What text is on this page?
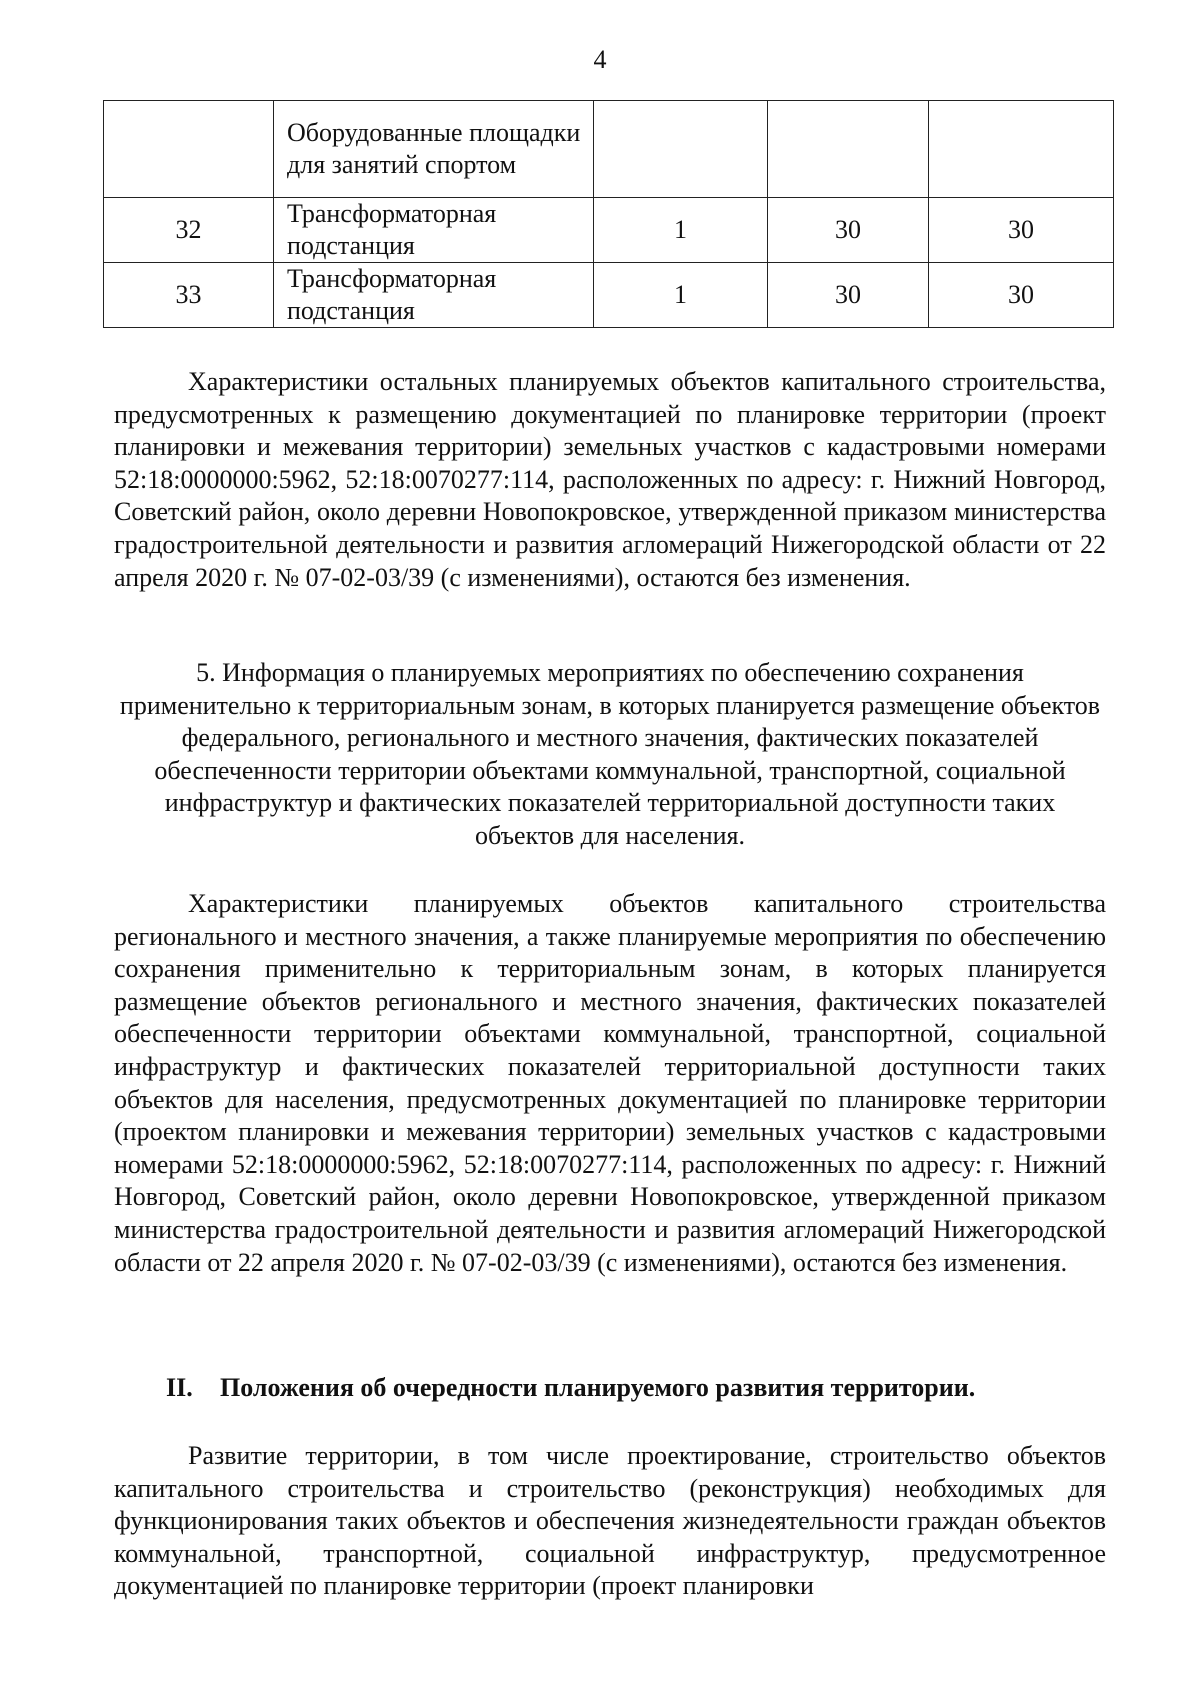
4
	Оборудованные площадки для занятий спортом			
32	Трансформаторная подстанция	1	30	30
33	Трансформаторная подстанция	1	30	30

Характеристики остальных планируемых объектов капитального строительства, предусмотренных к размещению документацией по планировке территории (проект планировки и межевания территории) земельных участков с кадастровыми номерами 52:18:0000000:5962, 52:18:0070277:114, расположенных по адресу: г. Нижний Новгород, Советский район, около деревни Новопокровское, утвержденной приказом министерства градостроительной деятельности и развития агломераций Нижегородской области от 22 апреля 2020 г. № 07-02-03/39 (с изменениями), остаются без изменения.

5. Информация о планируемых мероприятиях по обеспечению сохранения применительно к территориальным зонам, в которых планируется размещение объектов федерального, регионального и местного значения, фактических показателей обеспеченности территории объектами коммунальной, транспортной, социальной инфраструктур и фактических показателей территориальной доступности таких объектов для населения.

Характеристики планируемых объектов капитального строительства регионального и местного значения, а также планируемые мероприятия по обеспечению сохранения применительно к территориальным зонам, в которых планируется размещение объектов регионального и местного значения, фактических показателей обеспеченности территории объектами коммунальной, транспортной, социальной инфраструктур и фактических показателей территориальной доступности таких объектов для населения, предусмотренных документацией по планировке территории (проектом планировки и межевания территории) земельных участков с кадастровыми номерами 52:18:0000000:5962, 52:18:0070277:114, расположенных по адресу: г. Нижний Новгород, Советский район, около деревни Новопокровское, утвержденной приказом министерства градостроительной деятельности и развития агломераций Нижегородской области от 22 апреля 2020 г. № 07-02-03/39 (с изменениями), остаются без изменения.

II. Положения об очередности планируемого развития территории.

Развитие территории, в том числе проектирование, строительство объектов капитального строительства и строительство (реконструкция) необходимых для функционирования таких объектов и обеспечения жизнедеятельности граждан объектов коммунальной, транспортной, социальной инфраструктур, предусмотренное документацией по планировке территории (проект планировки
